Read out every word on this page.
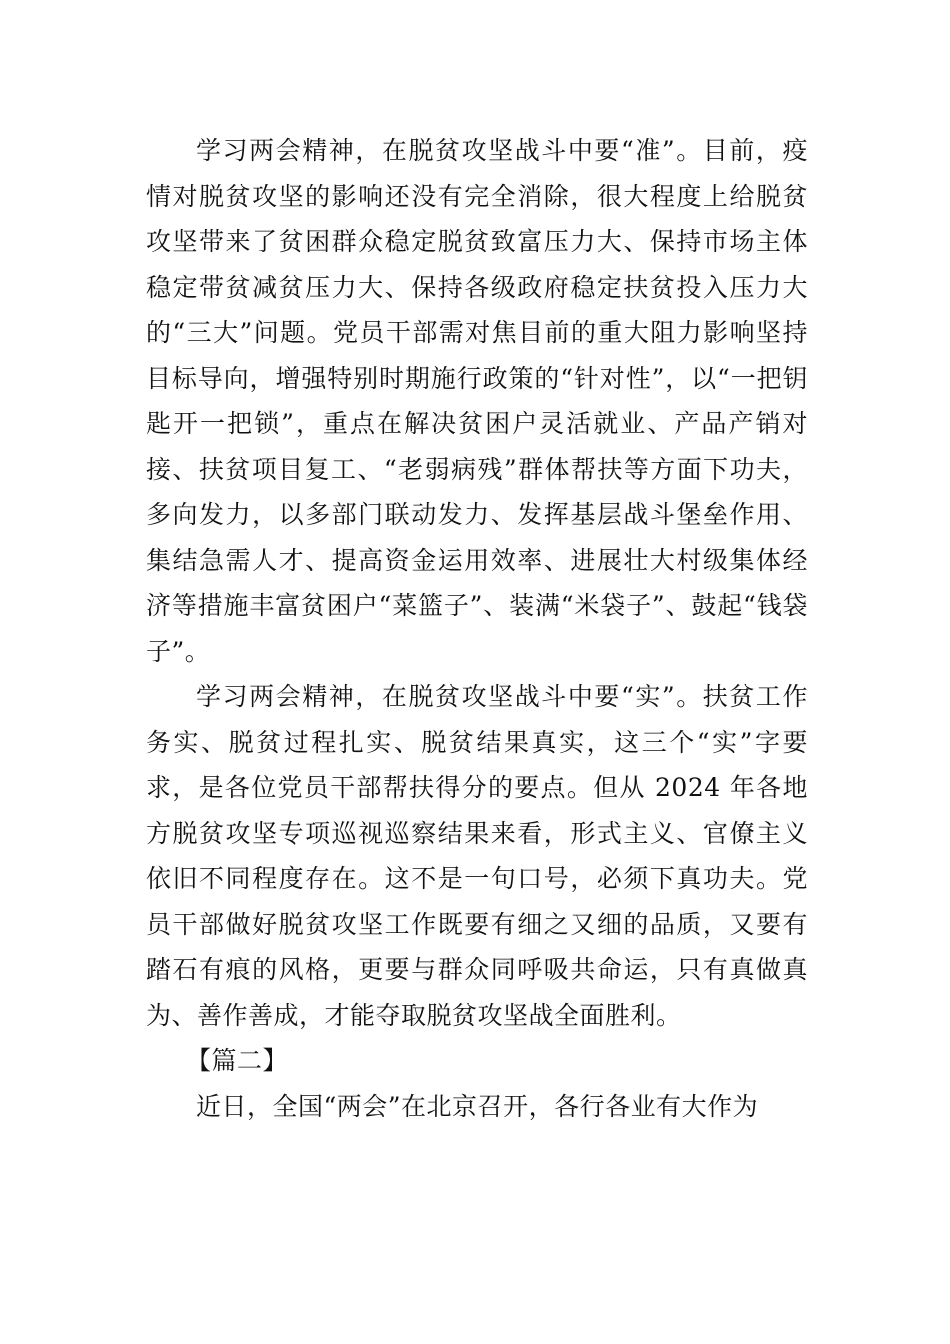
学习两会精神，在脱贫攻坚战斗中要“准”。目前，疫情对脱贫攻坚的影响还没有完全消除，很大程度上给脱贫攻坚带来了贫困群众稳定脱贫致富压力大、保持市场主体稳定带贫减贫压力大、保持各级政府稳定扶贫投入压力大的“三大”问题。党员干部需对焦目前的重大阻力影响坚持目标导向，增强特别时期施行政策的“针对性”，以“一把钥匙开一把锁”，重点在解决贫困户灵活就业、产品产销对接、扶贫项目复工、“老弱病残”群体帮扶等方面下功夫，多向发力，以多部门联动发力、发挥基层战斗堡垒作用、集结急需人才、提高资金运用效率、进展壮大村级集体经济等措施丰富贫困户“菜篮子”、装满“米袋子”、鼓起“钱袋子”。

学习两会精神，在脱贫攻坚战斗中要“实”。扶贫工作务实、脱贫过程扎实、脱贫结果真实，这三个“实”字要求，是各位党员干部帮扶得分的要点。但从 2024 年各地方脱贫攻坚专项巡视巡察结果来看，形式主义、官僚主义依旧不同程度存在。这不是一句口号，必须下真功夫。党员干部做好脱贫攻坚工作既要有细之又细的品质，又要有踏石有痕的风格，更要与群众同呼吸共命运，只有真做真为、善作善成，才能夺取脱贫攻坚战全面胜利。

【篇二】

近日，全国“两会”在北京召开，各行各业有大作为
